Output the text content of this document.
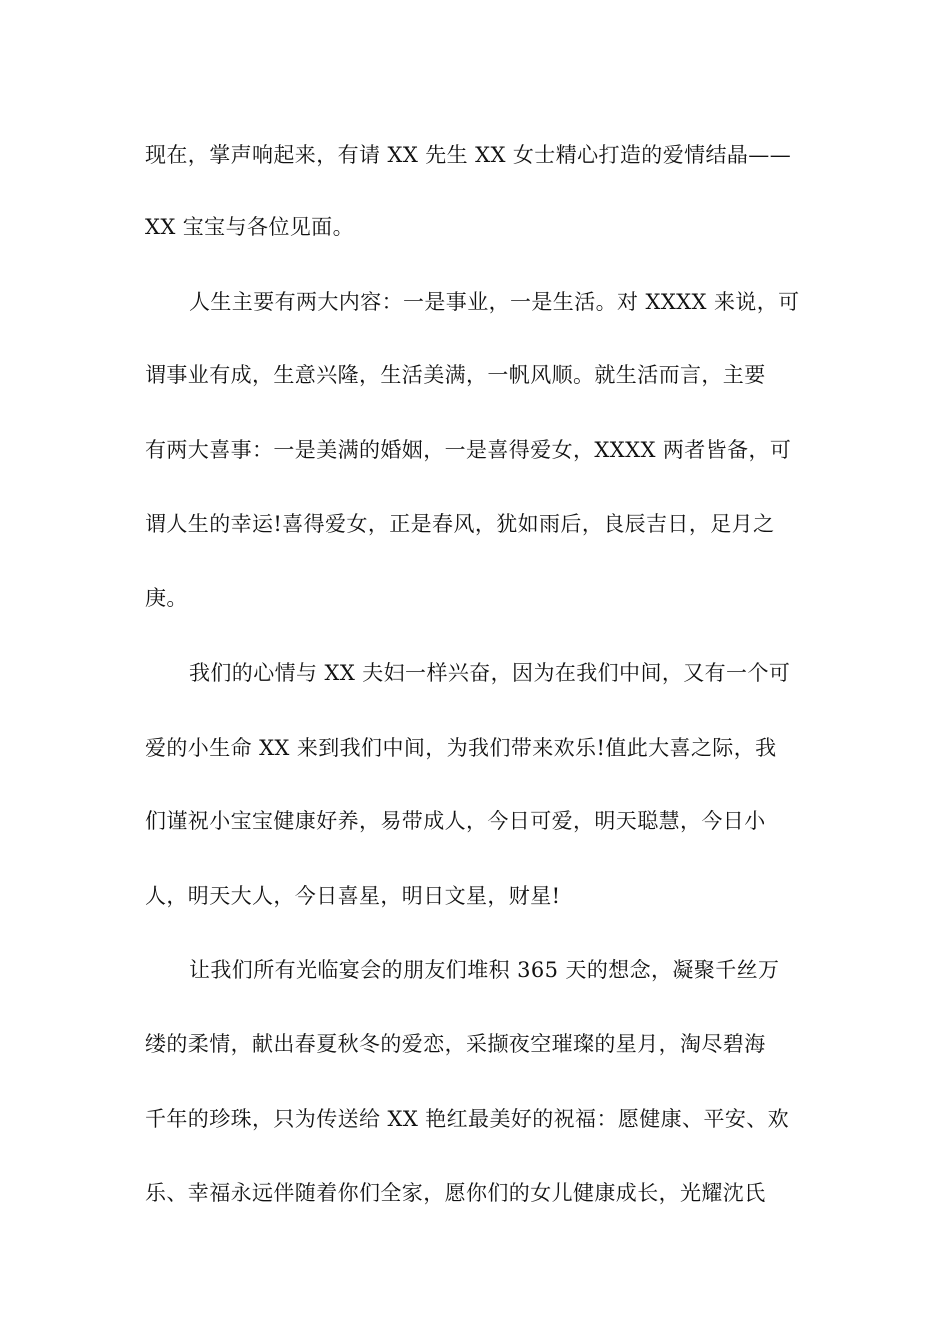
现在，掌声响起来，有请 XX 先生 XX 女士精心打造的爱情结晶——
XX 宝宝与各位见面。
人生主要有两大内容：一是事业，一是生活。对 XXXX 来说，可
谓事业有成，生意兴隆，生活美满，一帆风顺。就生活而言，主要
有两大喜事：一是美满的婚姻，一是喜得爱女，XXXX 两者皆备，可
谓人生的幸运!喜得爱女，正是春风，犹如雨后，良辰吉日，足月之
庚。
我们的心情与 XX 夫妇一样兴奋，因为在我们中间，又有一个可
爱的小生命 XX 来到我们中间，为我们带来欢乐!值此大喜之际，我
们谨祝小宝宝健康好养，易带成人，今日可爱，明天聪慧，今日小
人，明天大人，今日喜星，明日文星，财星!
让我们所有光临宴会的朋友们堆积 365 天的想念，凝聚千丝万
缕的柔情，献出春夏秋冬的爱恋，采撷夜空璀璨的星月，淘尽碧海
千年的珍珠，只为传送给 XX 艳红最美好的祝福：愿健康、平安、欢
乐、幸福永远伴随着你们全家，愿你们的女儿健康成长，光耀沈氏
